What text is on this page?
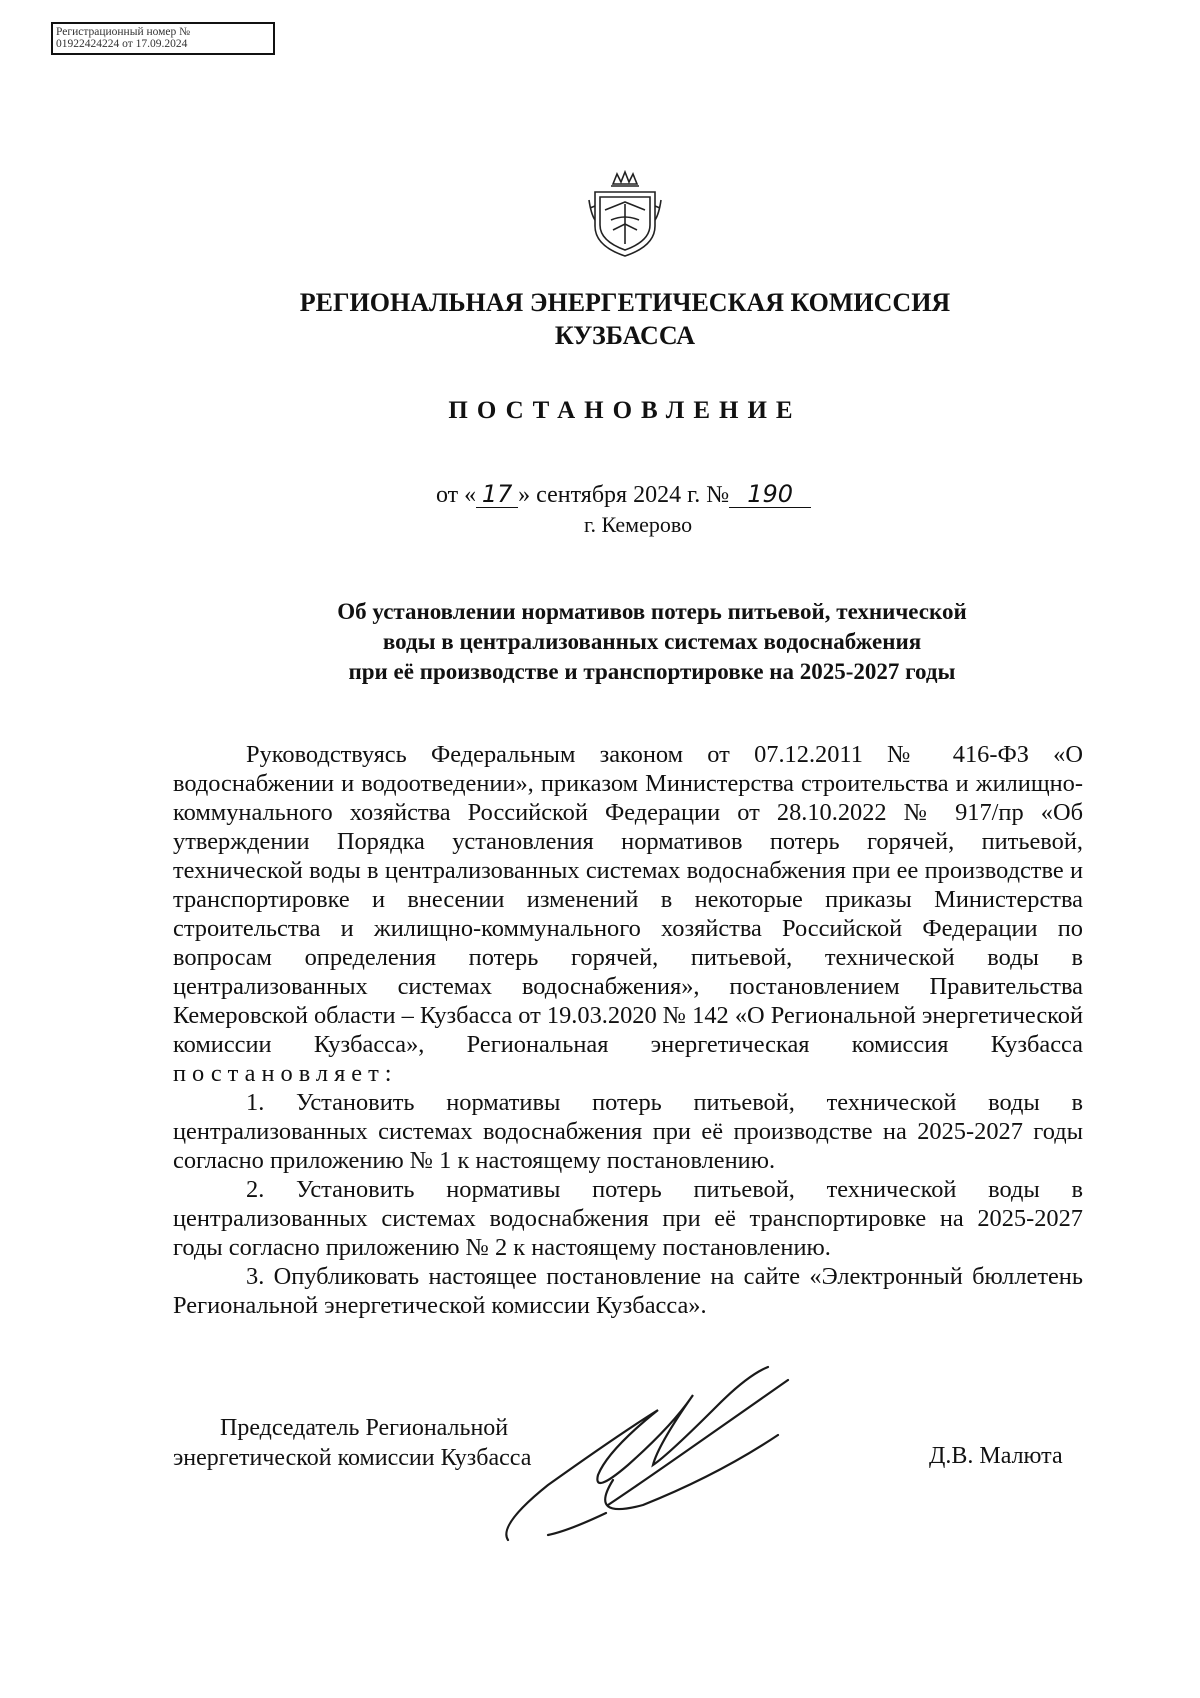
Регистрационный номер №
01922424224 от 17.09.2024
РЕГИОНАЛЬНАЯ ЭНЕРГЕТИЧЕСКАЯ КОМИССИЯ
КУЗБАССА
ПОСТАНОВЛЕНИЕ
от « 17 » сентября 2024 г. № 190
г. Кемерово
Об установлении нормативов потерь питьевой, технической
воды в централизованных системах водоснабжения
при её производстве и транспортировке на 2025-2027 годы

Руководствуясь Федеральным законом от 07.12.2011 № 416-ФЗ «О водоснабжении и водоотведении», приказом Министерства строительства и жилищно-коммунального хозяйства Российской Федерации от 28.10.2022 № 917/пр «Об утверждении Порядка установления нормативов потерь горячей, питьевой, технической воды в централизованных системах водоснабжения при ее производстве и транспортировке и внесении изменений в некоторые приказы Министерства строительства и жилищно-коммунального хозяйства Российской Федерации по вопросам определения потерь горячей, питьевой, технической воды в централизованных системах водоснабжения», постановлением Правительства Кемеровской области – Кузбасса от 19.03.2020 № 142 «О Региональной энергетической комиссии Кузбасса», Региональная энергетическая комиссия Кузбасса постановляет:

1. Установить нормативы потерь питьевой, технической воды в централизованных системах водоснабжения при её производстве на 2025-2027 годы согласно приложению № 1 к настоящему постановлению.

2. Установить нормативы потерь питьевой, технической воды в централизованных системах водоснабжения при её транспортировке на 2025-2027 годы согласно приложению № 2 к настоящему постановлению.

3. Опубликовать настоящее постановление на сайте «Электронный бюллетень Региональной энергетической комиссии Кузбасса».

Председатель Региональной
энергетической комиссии Кузбасса	Д.В. Малюта
